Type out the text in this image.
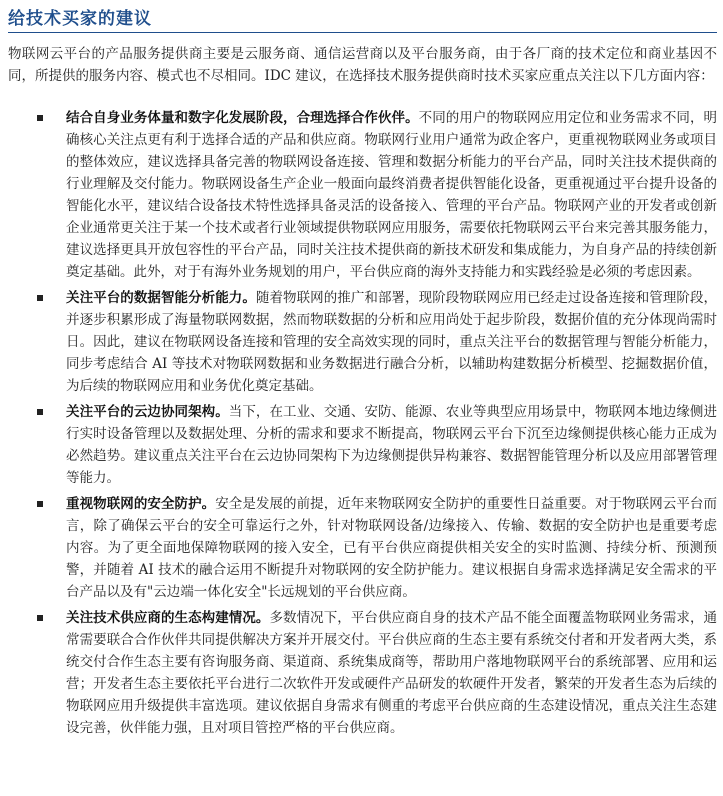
给技术买家的建议

物联网云平台的产品服务提供商主要是云服务商、通信运营商以及平台服务商，由于各厂商的技术定位和商业基因不同，所提供的服务内容、模式也不尽相同。IDC 建议，在选择技术服务提供商时技术买家应重点关注以下几方面内容：

结合自身业务体量和数字化发展阶段，合理选择合作伙伴。不同的用户的物联网应用定位和业务需求不同，明确核心关注点更有利于选择合适的产品和供应商。物联网行业用户通常为政企客户，更重视物联网业务或项目的整体效应，建议选择具备完善的物联网设备连接、管理和数据分析能力的平台产品，同时关注技术提供商的行业理解及交付能力。物联网设备生产企业一般面向最终消费者提供智能化设备，更重视通过平台提升设备的智能化水平，建议结合设备技术特性选择具备灵活的设备接入、管理的平台产品。物联网产业的开发者或创新企业通常更关注于某一个技术或者行业领域提供物联网应用服务，需要依托物联网云平台来完善其服务能力，建议选择更具开放包容性的平台产品，同时关注技术提供商的新技术研发和集成能力，为自身产品的持续创新奠定基础。此外，对于有海外业务规划的用户，平台供应商的海外支持能力和实践经验是必须的考虑因素。
关注平台的数据智能分析能力。随着物联网的推广和部署，现阶段物联网应用已经走过设备连接和管理阶段，并逐步积累形成了海量物联网数据，然而物联数据的分析和应用尚处于起步阶段，数据价值的充分体现尚需时日。因此，建议在物联网设备连接和管理的安全高效实现的同时，重点关注平台的数据管理与智能分析能力，同步考虑结合 AI 等技术对物联网数据和业务数据进行融合分析，以辅助构建数据分析模型、挖掘数据价值，为后续的物联网应用和业务优化奠定基础。
关注平台的云边协同架构。当下，在工业、交通、安防、能源、农业等典型应用场景中，物联网本地边缘侧进行实时设备管理以及数据处理、分析的需求和要求不断提高，物联网云平台下沉至边缘侧提供核心能力正成为必然趋势。建议重点关注平台在云边协同架构下为边缘侧提供异构兼容、数据智能管理分析以及应用部署管理等能力。
重视物联网的安全防护。安全是发展的前提，近年来物联网安全防护的重要性日益重要。对于物联网云平台而言，除了确保云平台的安全可靠运行之外，针对物联网设备/边缘接入、传输、数据的安全防护也是重要考虑内容。为了更全面地保障物联网的接入安全，已有平台供应商提供相关安全的实时监测、持续分析、预测预警，并随着 AI 技术的融合运用不断提升对物联网的安全防护能力。建议根据自身需求选择满足安全需求的平台产品以及有"云边端一体化安全"长远规划的平台供应商。
关注技术供应商的生态构建情况。多数情况下，平台供应商自身的技术产品不能全面覆盖物联网业务需求，通常需要联合合作伙伴共同提供解决方案并开展交付。平台供应商的生态主要有系统交付者和开发者两大类，系统交付合作生态主要有咨询服务商、渠道商、系统集成商等，帮助用户落地物联网平台的系统部署、应用和运营；开发者生态主要依托平台进行二次软件开发或硬件产品研发的软硬件开发者，繁荣的开发者生态为后续的物联网应用升级提供丰富选项。建议依据自身需求有侧重的考虑平台供应商的生态建设情况，重点关注生态建设完善，伙伴能力强，且对项目管控严格的平台供应商。
